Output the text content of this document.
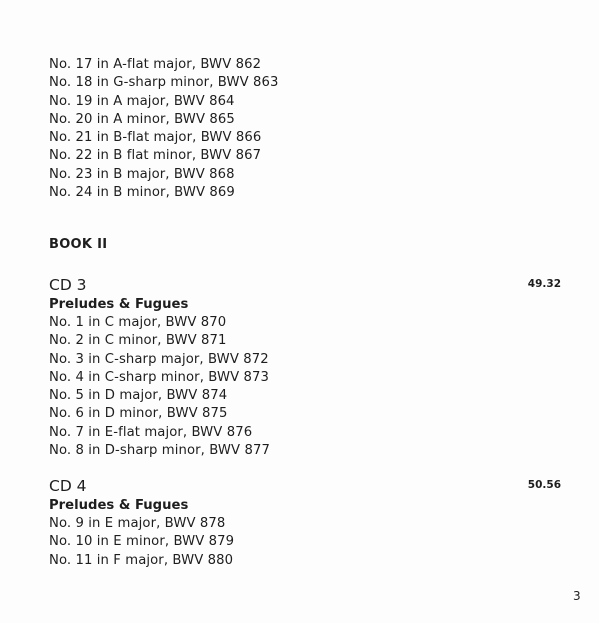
No. 17 in A-flat major, BWV 862
No. 18 in G-sharp minor, BWV 863
No. 19 in A major, BWV 864
No. 20 in A minor, BWV 865
No. 21 in B-flat major, BWV 866
No. 22 in B flat minor, BWV 867
No. 23 in B major, BWV 868
No. 24 in B minor, BWV 869
BOOK II
CD 3	49.32
Preludes & Fugues
No. 1 in C major, BWV 870
No. 2 in C minor, BWV 871
No. 3 in C-sharp major, BWV 872
No. 4 in C-sharp minor, BWV 873
No. 5 in D major, BWV 874
No. 6 in D minor, BWV 875
No. 7 in E-flat major, BWV 876
No. 8 in D-sharp minor, BWV 877
CD 4	50.56
Preludes & Fugues
No. 9 in E major, BWV 878
No. 10 in E minor, BWV 879
No. 11 in F major, BWV 880
3
